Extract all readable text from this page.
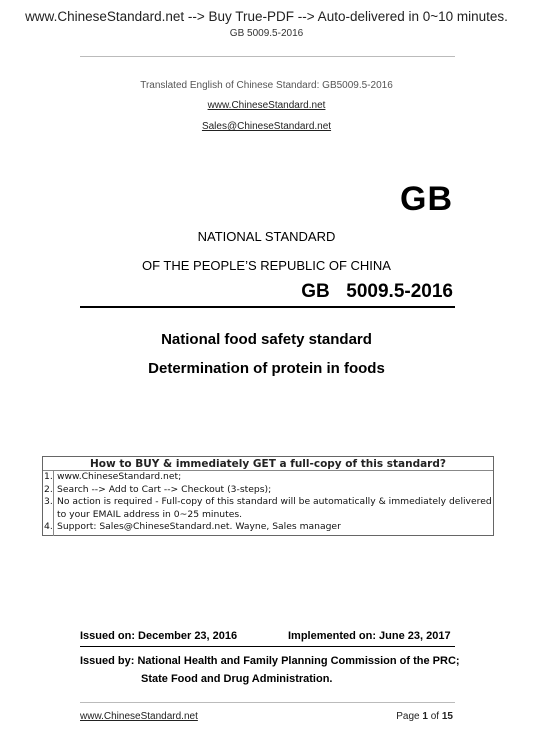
www.ChineseStandard.net --> Buy True-PDF --> Auto-delivered in 0~10 minutes.
GB 5009.5-2016
Translated English of Chinese Standard: GB5009.5-2016
www.ChineseStandard.net
Sales@ChineseStandard.net
GB
NATIONAL STANDARD
OF THE PEOPLE’S REPUBLIC OF CHINA
GB  5009.5-2016
National food safety standard
Determination of protein in foods
How to BUY & immediately GET a full-copy of this standard?
1. www.ChineseStandard.net;
2. Search --> Add to Cart --> Checkout (3-steps);
3. No action is required - Full-copy of this standard will be automatically & immediately delivered to your EMAIL address in 0~25 minutes.
4. Support: Sales@ChineseStandard.net. Wayne, Sales manager
Issued on: December 23, 2016	Implemented on: June 23, 2017
Issued by: National Health and Family Planning Commission of the PRC;
State Food and Drug Administration.
www.ChineseStandard.net	Page 1 of 15
